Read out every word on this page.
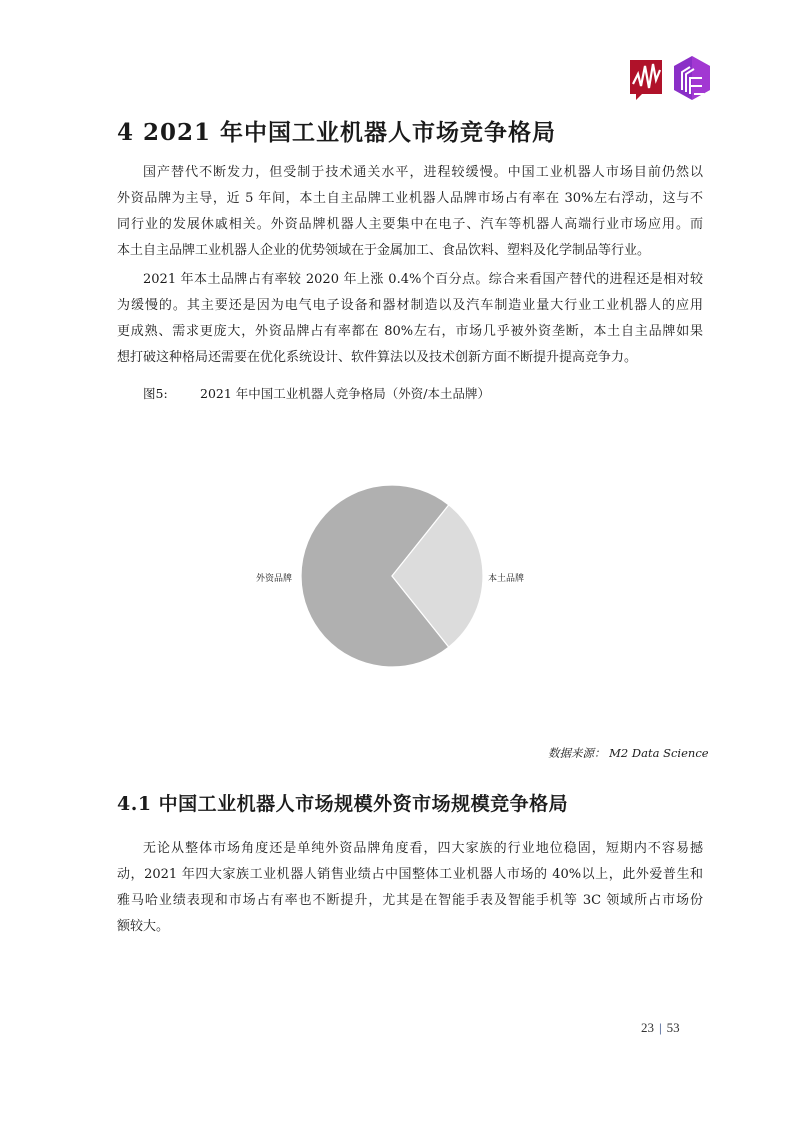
4 2021 年中国工业机器人市场竞争格局

国产替代不断发力，但受制于技术通关水平，进程较缓慢。中国工业机器人市场目前仍然以
外资品牌为主导，近 5 年间，本土自主品牌工业机器人品牌市场占有率在 30%左右浮动，这与不
同行业的发展休戚相关。外资品牌机器人主要集中在电子、汽车等机器人高端行业市场应用。而
本土自主品牌工业机器人企业的优势领域在于金属加工、食品饮料、塑料及化学制品等行业。

2021 年本土品牌占有率较 2020 年上涨 0.4%个百分点。综合来看国产替代的进程还是相对较
为缓慢的。其主要还是因为电气电子设备和器材制造以及汽车制造业量大行业工业机器人的应用
更成熟、需求更庞大，外资品牌占有率都在 80%左右，市场几乎被外资垄断，本土自主品牌如果
想打破这种格局还需要在优化系统设计、软件算法以及技术创新方面不断提升提高竞争力。

图5:	2021 年中国工业机器人竞争格局（外资/本土品牌）
外资品牌	本土品牌
数据来源： M2 Data Science
4.1 中国工业机器人市场规模外资市场规模竞争格局

无论从整体市场角度还是单纯外资品牌角度看，四大家族的行业地位稳固，短期内不容易撼
动，2021 年四大家族工业机器人销售业绩占中国整体工业机器人市场的 40%以上，此外爱普生和
雅马哈业绩表现和市场占有率也不断提升，尤其是在智能手表及智能手机等 3C 领域所占市场份
额较大。

23 | 53
